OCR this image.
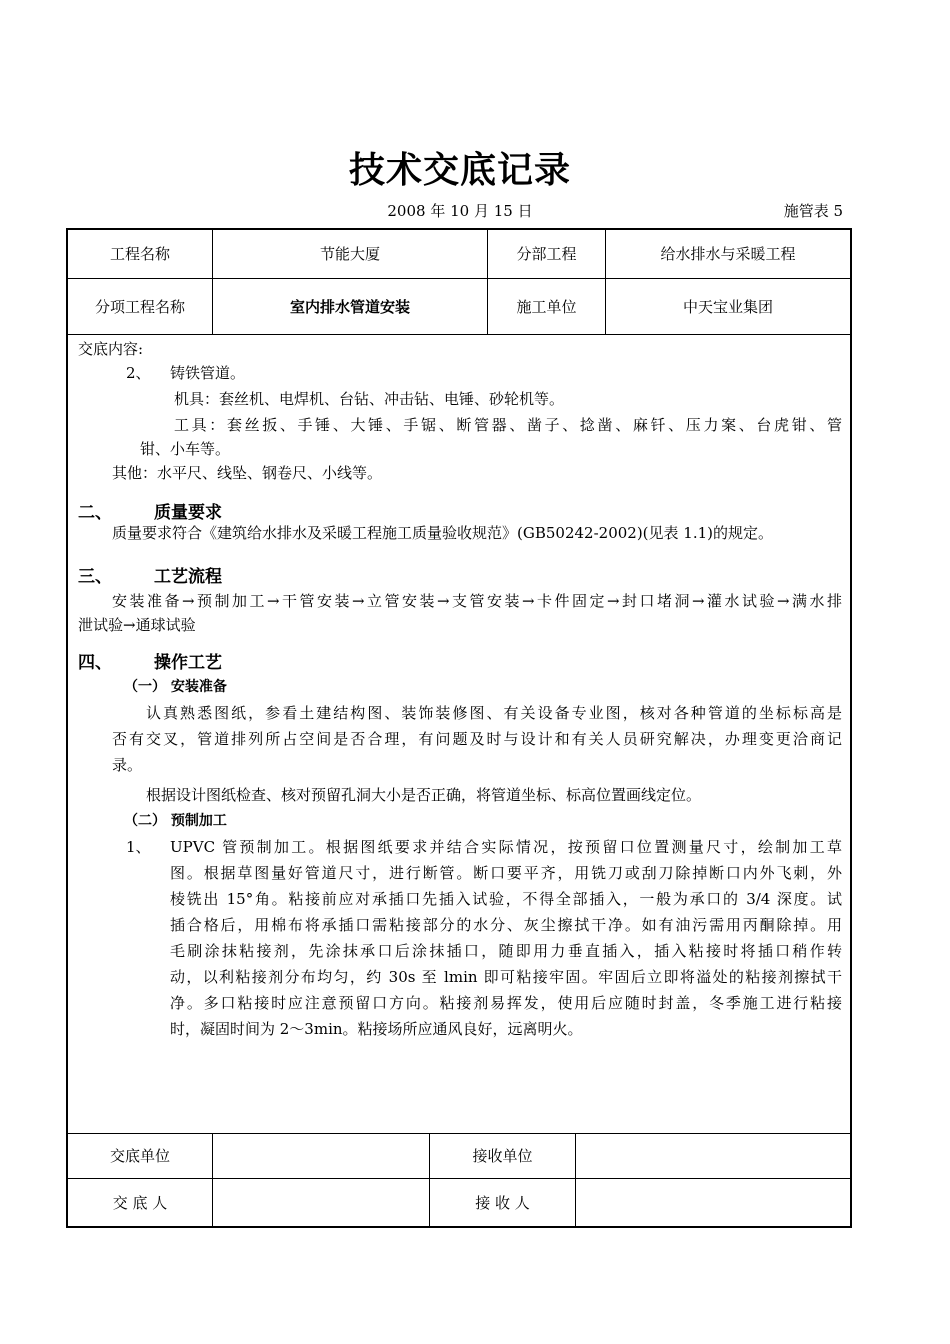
技术交底记录
2008 年 10 月 15 日	施管表 5
工程名称	节能大厦	分部工程	给水排水与采暖工程
分项工程名称	室内排水管道安装	施工单位	中天宝业集团
交底内容:
2、 铸铁管道。
机具：套丝机、电焊机、台钻、冲击钻、电锤、砂轮机等。
工具：套丝扳、手锤、大锤、手锯、断管器、凿子、捻凿、麻钎、压力案、台虎钳、管
钳、小车等。
其他：水平尺、线坠、钢卷尺、小线等。
二、 质量要求
质量要求符合《建筑给水排水及采暖工程施工质量验收规范》(GB50242-2002)(见表 1.1)的规定。
三、 工艺流程
安装准备→预制加工→干管安装→立管安装→支管安装→卡件固定→封口堵洞→灌水试验→满水排
泄试验→通球试验
四、 操作工艺
（一） 安装准备
认真熟悉图纸，参看土建结构图、装饰装修图、有关设备专业图，核对各种管道的坐标标高是
否有交叉，管道排列所占空间是否合理，有问题及时与设计和有关人员研究解决，办理变更洽商记
录。
根据设计图纸检查、核对预留孔洞大小是否正确，将管道坐标、标高位置画线定位。
（二） 预制加工
1、 UPVC 管预制加工。根据图纸要求并结合实际情况，按预留口位置测量尺寸，绘制加工草
图。根据草图量好管道尺寸，进行断管。断口要平齐，用铣刀或刮刀除掉断口内外飞刺，外
棱铣出 15°角。粘接前应对承插口先插入试验，不得全部插入，一般为承口的 3/4 深度。试
插合格后，用棉布将承插口需粘接部分的水分、灰尘擦拭干净。如有油污需用丙酮除掉。用
毛刷涂抹粘接剂，先涂抹承口后涂抹插口，随即用力垂直插入，插入粘接时将插口稍作转
动，以利粘接剂分布均匀，约 30s 至 lmin 即可粘接牢固。牢固后立即将溢处的粘接剂擦拭干
净。多口粘接时应注意预留口方向。粘接剂易挥发，使用后应随时封盖，冬季施工进行粘接
时，凝固时间为 2～3min。粘接场所应通风良好，远离明火。
交底单位		接收单位	
交 底 人		接 收 人	
